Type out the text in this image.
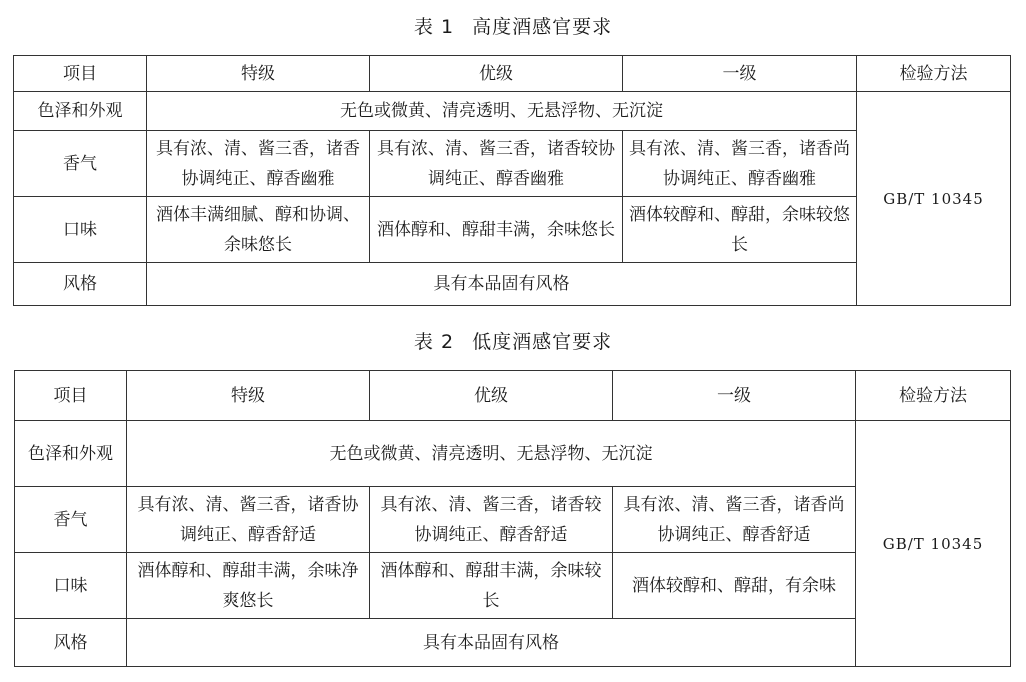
表 1 高度酒感官要求
项目	特级	优级	一级	检验方法
色泽和外观	无色或微黄、清亮透明、无悬浮物、无沉淀			GB/T 10345
香气	具有浓、清、酱三香，诸香协调纯正、醇香幽雅	具有浓、清、酱三香，诸香较协调纯正、醇香幽雅	具有浓、清、酱三香，诸香尚协调纯正、醇香幽雅	
口味	酒体丰满细腻、醇和协调、余味悠长	酒体醇和、醇甜丰满，余味悠长	酒体较醇和、醇甜，余味较悠长	
风格	具有本品固有风格			
表 2 低度酒感官要求
项目	特级	优级	一级	检验方法
色泽和外观	无色或微黄、清亮透明、无悬浮物、无沉淀			GB/T 10345
香气	具有浓、清、酱三香，诸香协调纯正、醇香舒适	具有浓、清、酱三香，诸香较协调纯正、醇香舒适	具有浓、清、酱三香，诸香尚协调纯正、醇香舒适	
口味	酒体醇和、醇甜丰满，余味净爽悠长	酒体醇和、醇甜丰满，余味较长	酒体较醇和、醇甜，有余味	
风格	具有本品固有风格			
